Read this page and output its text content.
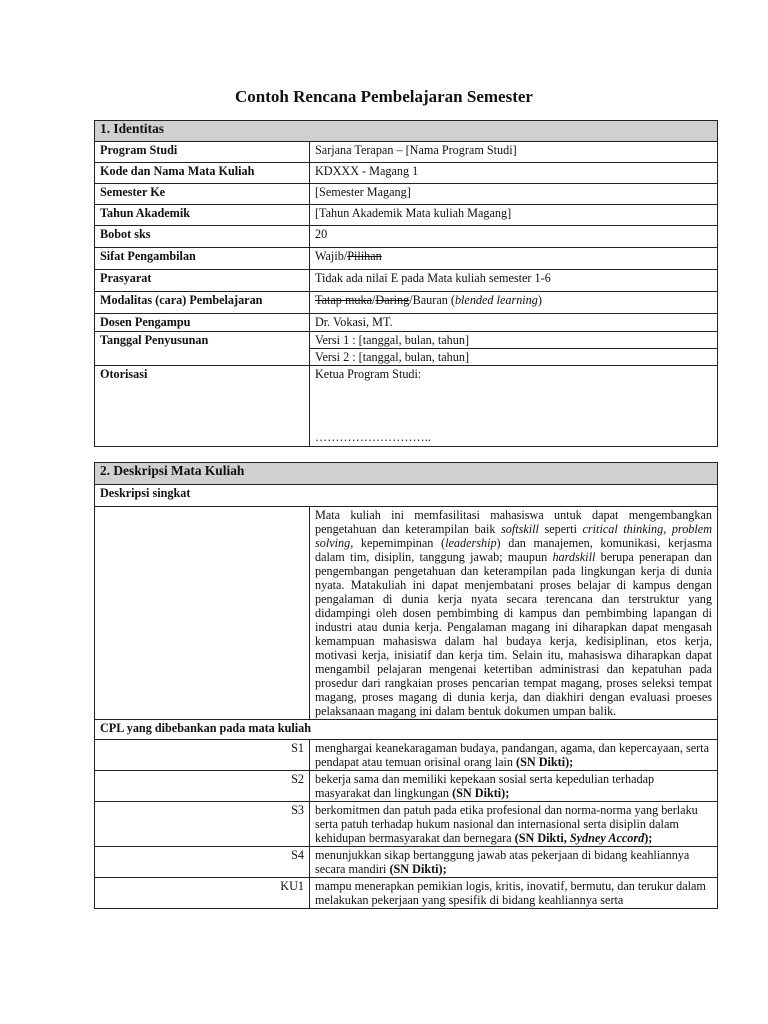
Contoh Rencana Pembelajaran Semester
1. Identitas	
Program Studi	Sarjana Terapan – [Nama Program Studi]
Kode dan Nama Mata Kuliah	KDXXX - Magang 1
Semester Ke	[Semester Magang]
Tahun Akademik	[Tahun Akademik Mata kuliah Magang]
Bobot sks	20
Sifat Pengambilan	Wajib/Pilihan
Prasyarat	Tidak ada nilai E pada Mata kuliah semester 1-6
Modalitas (cara) Pembelajaran	Tatap muka/Daring/Bauran (blended learning)
Dosen Pengampu	Dr. Vokasi, MT.
Tanggal Penyusunan	Versi 1 : [tanggal, bulan, tahun]
	Versi 2 : [tanggal, bulan, tahun]
Otorisasi	Ketua Program Studi:
………………………..
2. Deskripsi Mata Kuliah	
Deskripsi singkat	
	Mata kuliah ini memfasilitasi mahasiswa untuk dapat mengembangkan pengetahuan dan keterampilan baik softskill seperti critical thinking, problem solving, kepemimpinan (leadership) dan manajemen, komunikasi, kerjasma dalam tim, disiplin, tanggung jawab; maupun hardskill berupa penerapan dan pengembangan pengetahuan dan keterampilan pada lingkungan kerja di dunia nyata. Matakuliah ini dapat menjembatani proses belajar di kampus dengan pengalaman di dunia kerja nyata secara terencana dan terstruktur yang didampingi oleh dosen pembimbing di kampus dan pembimbing lapangan di industri atau dunia kerja. Pengalaman magang ini diharapkan dapat mengasah kemampuan mahasiswa dalam hal budaya kerja, kedisiplinan, etos kerja, motivasi kerja, inisiatif dan kerja tim. Selain itu, mahasiswa diharapkan dapat mengambil pelajaran mengenai ketertiban administrasi dan kepatuhan pada prosedur dari rangkaian proses pencarian tempat magang, proses seleksi tempat magang, proses magang di dunia kerja, dan diakhiri dengan evaluasi proeses pelaksanaan magang ini dalam bentuk dokumen umpan balik.
CPL yang dibebankan pada mata kuliah	
S1	menghargai keanekaragaman budaya, pandangan, agama, dan kepercayaan, serta pendapat atau temuan orisinal orang lain (SN Dikti);
S2	bekerja sama dan memiliki kepekaan sosial serta kepedulian terhadap masyarakat dan lingkungan (SN Dikti);
S3	berkomitmen dan patuh pada etika profesional dan norma-norma yang berlaku serta patuh terhadap hukum nasional dan internasional serta disiplin dalam kehidupan bermasyarakat dan bernegara (SN Dikti, Sydney Accord);
S4	menunjukkan sikap bertanggung jawab atas pekerjaan di bidang keahliannya secara mandiri (SN Dikti);
KU1	mampu menerapkan pemikian logis, kritis, inovatif, bermutu, dan terukur dalam melakukan pekerjaan yang spesifik di bidang keahliannya serta
